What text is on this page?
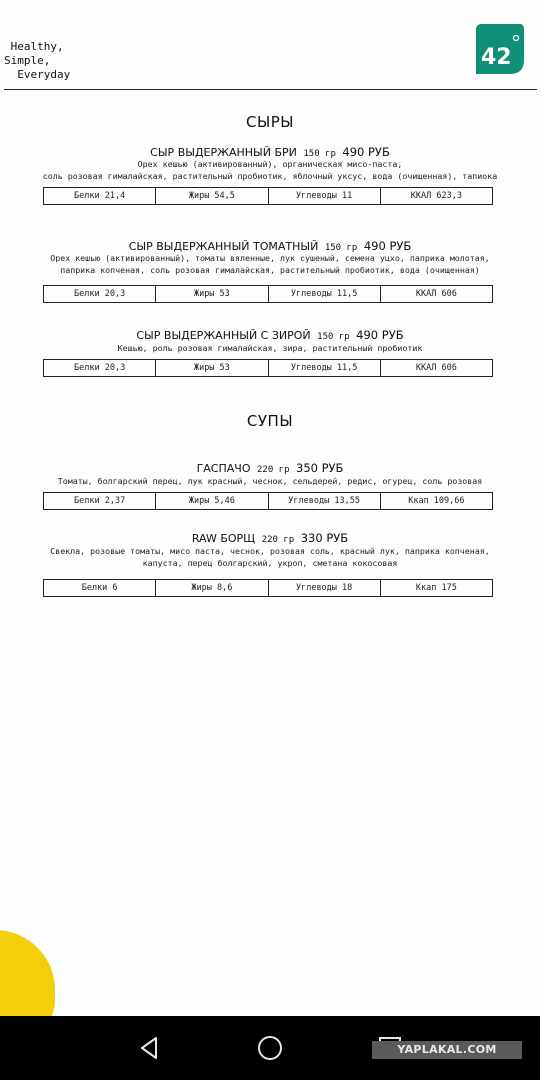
Healthy,
Simple,
Everyday
42
СЫРЫ
СЫР ВЫДЕРЖАННЫЙ БРИ 150 гр 490 РУБ
Орех кешью (активированный), органическая мисо-паста,
соль розовая гималайская, растительный пробиотик, яблочный уксус, вода (очищенная), тапиока
Белки 21,4	Жиры 54,5	Углеводы 11	ККАЛ 623,3
СЫР ВЫДЕРЖАННЫЙ ТОМАТНЫЙ 150 гр 490 РУБ
Орех кешью (активированный), томаты вяленные, лук сушеный, семена уцхо, паприка молотая,
паприка копченая, соль розовая гималайская, растительный пробиотик, вода (очищенная)
Белки 20,3	Жиры 53	Углеводы 11,5	ККАЛ 606
СЫР ВЫДЕРЖАННЫЙ С ЗИРОЙ 150 гр 490 РУБ
Кешью, роль розовая гималайская, зира, растительный пробиотик
Белки 20,3	Жиры 53	Углеводы 11,5	ККАЛ 606
СУПЫ
ГАСПАЧО 220 гр 350 РУБ
Томаты, болгарский перец, лук красный, чеснок, сельдерей, редис, огурец, соль розовая
Белки 2,37	Жиры 5,46	Углеводы 13,55	Ккап 109,66
RAW БОРЩ 220 гр 330 РУБ
Свекла, розовые томаты, мисо паста, чеснок, розовая соль, красный лук, паприка копченая,
капуста, перец болгарский, укроп, сметана кокосовая
Белки 6	Жиры 8,6	Углеводы 18	Ккап 175
YAPLAKAL.COM
